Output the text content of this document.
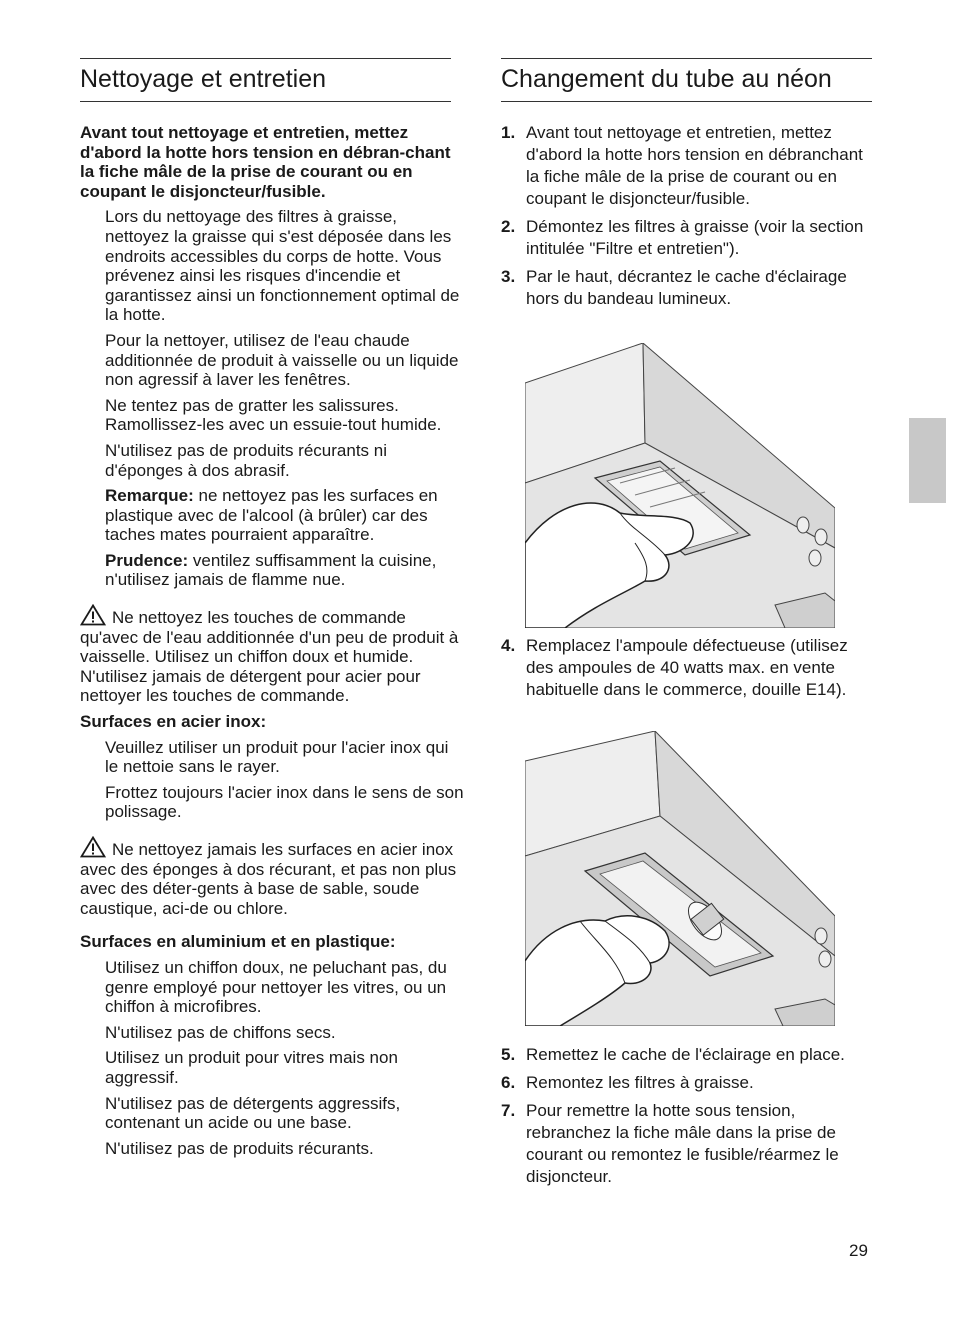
Nettoyage et entretien

Avant tout nettoyage et entretien, mettez d'abord la hotte hors tension en débran-chant la fiche mâle de la prise de courant ou en coupant le disjoncteur/fusible.

Lors du nettoyage des filtres à graisse, nettoyez la graisse qui s'est déposée dans les endroits accessibles du corps de hotte. Vous prévenez ainsi les risques d'incendie et garantissez ainsi un fonctionnement optimal de la hotte.

Pour la nettoyer, utilisez de l'eau chaude additionnée de produit à vaisselle ou un liquide non agressif à laver les fenêtres.

Ne tentez pas de gratter les salissures. Ramollissez-les avec un essuie-tout humide.

N'utilisez pas de produits récurants ni d'éponges à dos abrasif.

Remarque: ne nettoyez pas les surfaces en plastique avec de l'alcool (à brûler) car des taches mates pourraient apparaître.

Prudence: ventilez suffisamment la cuisine, n'utilisez jamais de flamme nue.

Ne nettoyez les touches de commande qu'avec de l'eau additionnée d'un peu de produit à vaisselle. Utilisez un chiffon doux et humide.

N'utilisez jamais de détergent pour acier pour nettoyer les touches de commande.

Surfaces en acier inox:

Veuillez utiliser un produit pour l'acier inox qui le nettoie sans le rayer.

Frottez toujours l'acier inox dans le sens de son polissage.

Ne nettoyez jamais les surfaces en acier inox avec des éponges à dos récurant, et pas non plus avec des déter-gents à base de sable, soude caustique, aci-de ou chlore.

Surfaces en aluminium et en plastique:

Utilisez un chiffon doux, ne peluchant pas, du genre employé pour nettoyer les vitres, ou un chiffon à microfibres.

N'utilisez pas de chiffons secs.

Utilisez un produit pour vitres mais non aggressif.

N'utilisez pas de détergents aggressifs, contenant un acide ou une base.

N'utilisez pas de produits récurants.

Changement du tube au néon
1. Avant tout nettoyage et entretien, mettez d'abord la hotte hors tension en débranchant la fiche mâle de la prise de courant ou en coupant le disjoncteur/fusible.
2. Démontez les filtres à graisse (voir la section intitulée "Filtre et entretien").
3. Par le haut, décrantez le cache d'éclairage hors du bandeau lumineux.
4. Remplacez l'ampoule défectueuse (utilisez des ampoules de 40 watts max. en vente habituelle dans le commerce, douille E14).
5. Remettez le cache de l'éclairage en place.
6. Remontez les filtres à graisse.
7. Pour remettre la hotte sous tension, rebranchez la fiche mâle dans la prise de courant ou remontez le fusible/réarmez le disjoncteur.
29
